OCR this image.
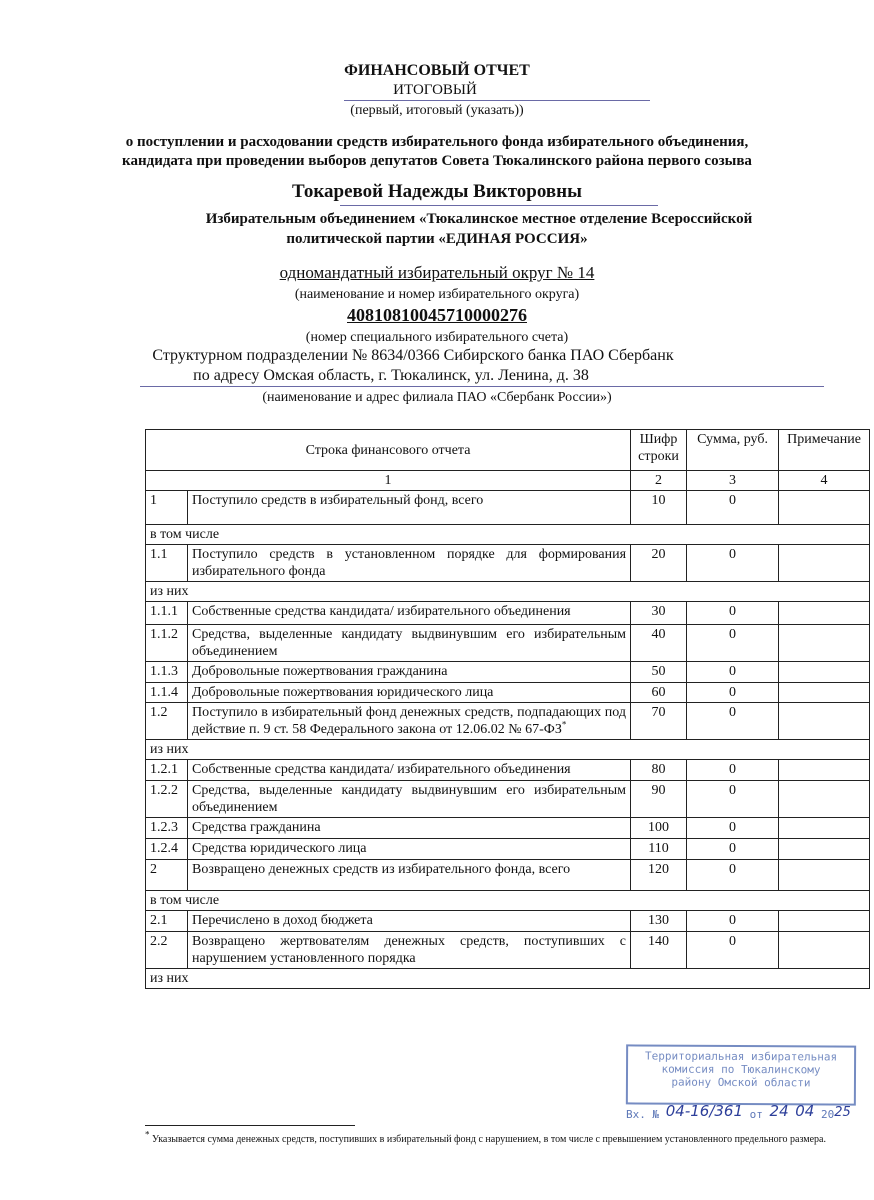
ФИНАНСОВЫЙ ОТЧЕТ
ИТОГОВЫЙ
(первый, итоговый (указать))
о поступлении и расходовании средств избирательного фонда избирательного объединения,
кандидата при проведении выборов депутатов Совета Тюкалинского района первого созыва
Токаревой Надежды Викторовны
Избирательным объединением «Тюкалинское местное отделение Всероссийской
политической партии «ЕДИНАЯ РОССИЯ»
одномандатный избирательный округ № 14
(наименование и номер избирательного округа)
40810810045710000276
(номер специального избирательного счета)
Структурном подразделении № 8634/0366 Сибирского банка ПАО Сбербанк
по адресу Омская область, г. Тюкалинск, ул. Ленина, д. 38
(наименование и адрес филиала ПАО «Сбербанк России»)
Строка финансового отчета		Шифр строки	Сумма, руб.	Примечание
1		2	3	4
1	Поступило средств в избирательный фонд, всего	10	0	
в том числе				
1.1	Поступило средств в установленном порядке для формирования избирательного фонда	20	0	
из них				
1.1.1	Собственные средства кандидата/ избирательного объединения	30	0	
1.1.2	Средства, выделенные кандидату выдвинувшим его избирательным объединением	40	0	
1.1.3	Добровольные пожертвования гражданина	50	0	
1.1.4	Добровольные пожертвования юридического лица	60	0	
1.2	Поступило в избирательный фонд денежных средств, подпадающих под действие п. 9 ст. 58 Федерального закона от 12.06.02 № 67-ФЗ*	70	0	
из них				
1.2.1	Собственные средства кандидата/ избирательного объединения	80	0	
1.2.2	Средства, выделенные кандидату выдвинувшим его избирательным объединением	90	0	
1.2.3	Средства гражданина	100	0	
1.2.4	Средства юридического лица	110	0	
2	Возвращено денежных средств из избирательного фонда, всего	120	0	
в том числе				
2.1	Перечислено в доход бюджета	130	0	
2.2	Возвращено жертвователям денежных средств, поступивших с нарушением установленного порядка	140	0	
из них				
* Указывается сумма денежных средств, поступивших в избирательный фонд с нарушением, в том числе с превышением установленного предельного размера.
Территориальная избирательная
комиссия по Тюкалинскому
району Омской области
Вх. № 04-16/361 от 24 04 2025
